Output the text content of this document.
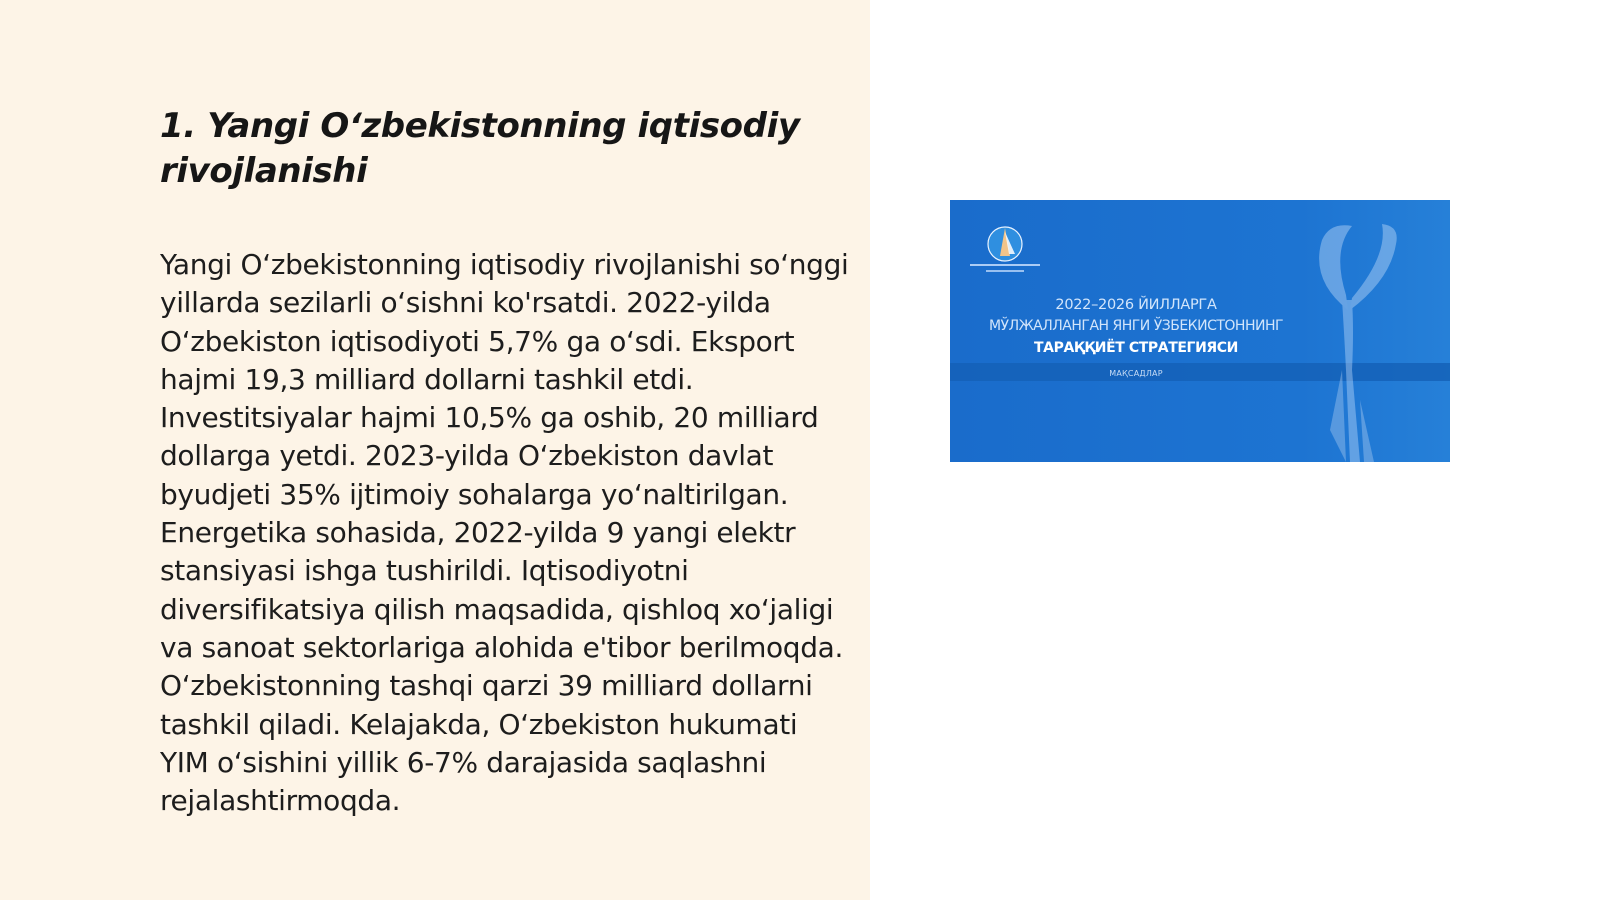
1. Yangi O‘zbekistonning iqtisodiy rivojlanishi

Yangi O‘zbekistonning iqtisodiy rivojlanishi so‘nggi yillarda sezilarli o‘sishni ko'rsatdi. 2022-yilda O‘zbekiston iqtisodiyoti 5,7% ga o‘sdi. Eksport hajmi 19,3 milliard dollarni tashkil etdi. Investitsiyalar hajmi 10,5% ga oshib, 20 milliard dollarga yetdi. 2023-yilda O‘zbekiston davlat byudjeti 35% ijtimoiy sohalarga yo‘naltirilgan. Energetika sohasida, 2022-yilda 9 yangi elektr stansiyasi ishga tushirildi. Iqtisodiyotni diversifikatsiya qilish maqsadida, qishloq xo‘jaligi va sanoat sektorlariga alohida e'tibor berilmoqda. O‘zbekistonning tashqi qarzi 39 milliard dollarni tashkil qiladi. Kelajakda, O‘zbekiston hukumati YIM o‘sishini yillik 6-7% darajasida saqlashni rejalashtirmoqda.

2022–2026 ЙИЛЛАРГА
МЎЛЖАЛЛАНГАН ЯНГИ ЎЗБЕКИСТОННИНГ
ТАРАҚҚИЁТ СТРАТЕГИЯСИ
МАҚСАДЛАР
